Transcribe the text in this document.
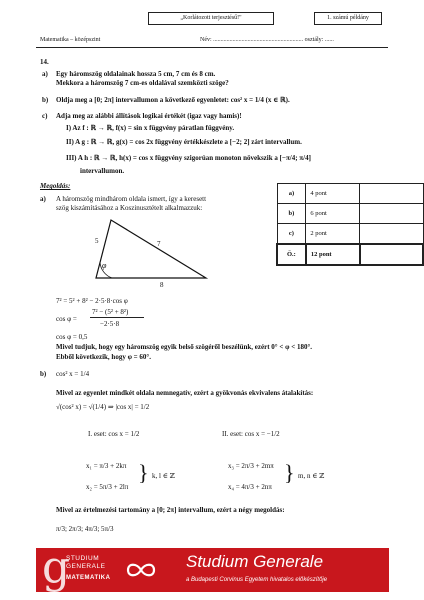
„Korlátozott terjesztésű!"	1. számú példány
Matematika – középszint	Név: ............................................................ osztály: ......
14.
a) Egy háromszög oldalainak hossza 5 cm, 7 cm és 8 cm.
Mekkora a háromszög 7 cm-es oldalával szemközti szöge?
b) Oldja meg a [0; 2π] intervallumon a következő egyenletet: cos² x = 1/4 (x ∈ ℝ).
c) Adja meg az alábbi állítások logikai értékét (igaz vagy hamis)!
I) Az f : ℝ → ℝ, f(x) = sin x függvény páratlan függvény.
II) A g : ℝ → ℝ, g(x) = cos 2x függvény értékkészlete a [−2; 2] zárt intervallum.
III) A h : ℝ → ℝ, h(x) = cos x függvény szigorúan monoton növekszik a [−π/4; π/4]
intervallumon.
Megoldás:
a) A háromszög mindhárom oldala ismert, így a keresett
szög kiszámításához a Koszinusztételt alkalmazzuk:
5	7
8
φ
a)	4 pont	
b)	6 pont	
c)	2 pont	
Ö.:	12 pont	
7² = 5² + 8² − 2·5·8·cos φ
cos φ =
7² − (5² + 8²)
−2·5·8
cos φ = 0,5
Mivel tudjuk, hogy egy háromszög egyik belső szögéről beszélünk, ezért 0° < φ < 180°.
Ebből következik, hogy φ = 60°.
b) cos² x = 1/4
Mivel az egyenlet mindkét oldala nemnegatív, ezért a gyökvonás ekvivalens átalakítás:
√(cos² x) = √(1/4) ⇒ |cos x| = 1/2
I. eset: cos x = 1/2	II. eset: cos x = −1/2
x₁ = π/3 + 2kπ
x₂ = 5π/3 + 2lπ
} k, l ∈ ℤ
x₃ = 2π/3 + 2mπ
x₄ = 4π/3 + 2nπ
} m, n ∈ ℤ
Mivel az értelmezési tartomány a [0; 2π] intervallum, ezért a négy megoldás:
π/3; 2π/3; 4π/3; 5π/3
g
STUDIUM
GENERALE
MATEMATIKA
Studium Generale
a Budapesti Corvinus Egyetem hivatalos előkészítője
